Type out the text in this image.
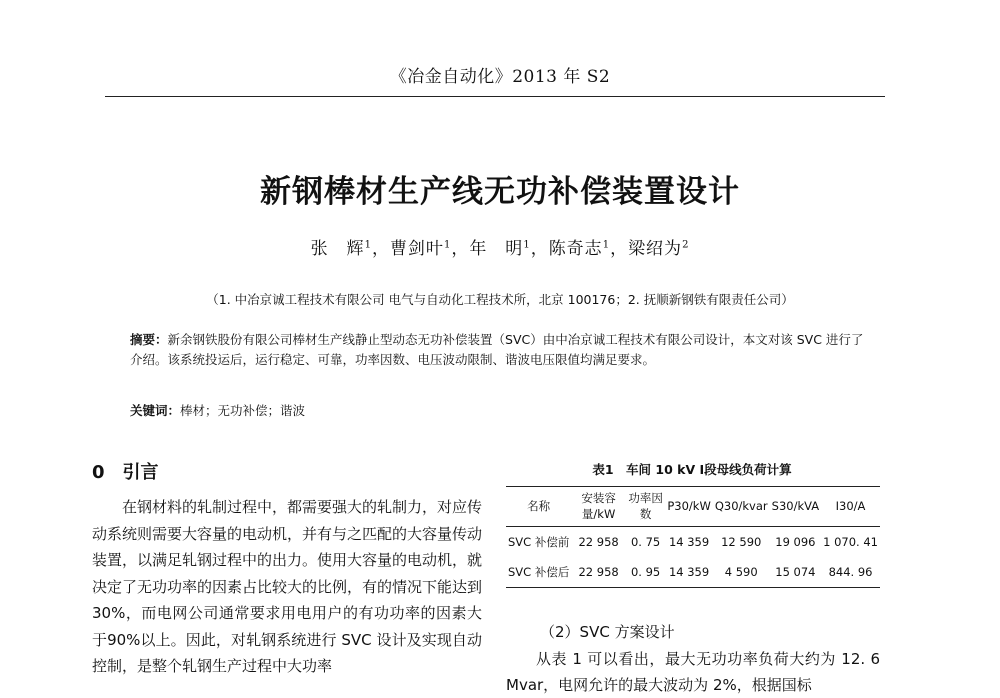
《冶金自动化》2013 年 S2
新钢棒材生产线无功补偿装置设计
张　辉$^1$，曹剑叶$^1$，年　明$^1$，陈奇志$^1$，梁绍为$^2$
（1. 中冶京诚工程技术有限公司 电气与自动化工程技术所，北京 100176；2. 抚顺新钢铁有限责任公司）
摘要：新余钢铁股份有限公司棒材生产线静止型动态无功补偿装置（SVC）由中冶京诚工程技术有限公司设计，本文对该 SVC 进行了介绍。该系统投运后，运行稳定、可靠，功率因数、电压波动限制、谐波电压限值均满足要求。
关键词：棒材；无功补偿；谐波
0 引言
在钢材料的轧制过程中，都需要强大的轧制力，对应传动系统则需要大容量的电动机，并有与之匹配的大容量传动装置，以满足轧钢过程中的出力。使用大容量的电动机，就决定了无功功率的因素占比较大的比例，有的情况下能达到30%，而电网公司通常要求用电用户的有功功率的因素大于90%以上。因此，对轧钢系统进行 SVC 设计及实现自动控制，是整个轧钢生产过程中大功率
表1　车间 10 kV Ⅰ段母线负荷计算
名称	安装容量/kW	功率因数	P30/kW	Q30/kvar	S30/kVA	I30/A
SVC 补偿前	22 958	0. 75	14 359	12 590	19 096	1 070. 41
SVC 补偿后	22 958	0. 95	14 359	4 590	15 074	844. 96
（2）SVC 方案设计
从表 1 可以看出，最大无功功率负荷大约为 12. 6 Mvar，电网允许的最大波动为 2%，根据国标
